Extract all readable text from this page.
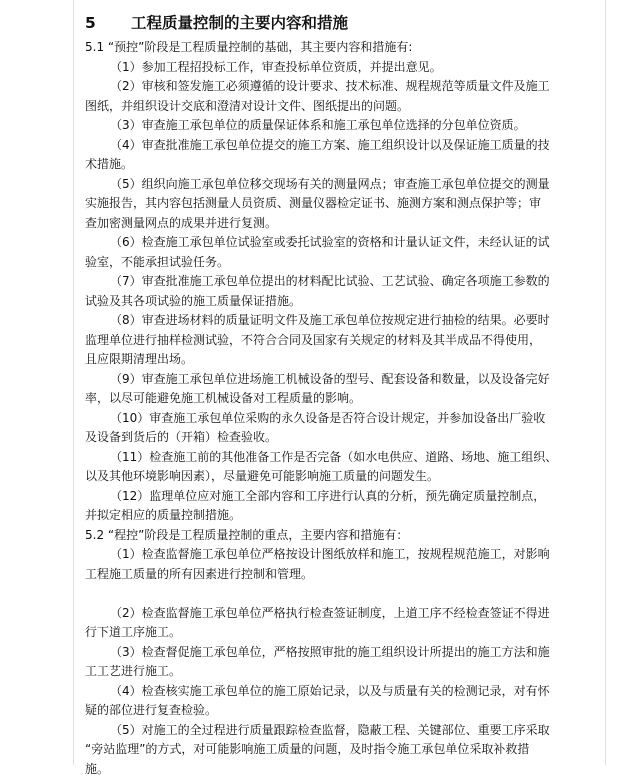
5 工程质量控制的主要内容和措施
5.1 “预控”阶段是工程质量控制的基础，其主要内容和措施有:
（1）参加工程招投标工作，审查投标单位资质，并提出意见。
（2）审核和签发施工必须遵循的设计要求、技术标准、规程规范等质量文件及施工
图纸，并组织设计交底和澄清对设计文件、图纸提出的问题。
（3）审查施工承包单位的质量保证体系和施工承包单位选择的分包单位资质。
（4）审查批准施工承包单位提交的施工方案、施工组织设计以及保证施工质量的技
术措施。
（5）组织向施工承包单位移交现场有关的测量网点；审查施工承包单位提交的测量
实施报告，其内容包括测量人员资质、测量仪器检定证书、施测方案和测点保护等；审
查加密测量网点的成果并进行复测。
（6）检查施工承包单位试验室或委托试验室的资格和计量认证文件，未经认证的试
验室，不能承担试验任务。
（7）审查批准施工承包单位提出的材料配比试验、工艺试验、确定各项施工参数的
试验及其各项试验的施工质量保证措施。
（8）审查进场材料的质量证明文件及施工承包单位按规定进行抽检的结果。必要时
监理单位进行抽样检测试验，不符合合同及国家有关规定的材料及其半成品不得使用，
且应限期清理出场。
（9）审查施工承包单位进场施工机械设备的型号、配套设备和数量，以及设备完好
率，以尽可能避免施工机械设备对工程质量的影响。
（10）审查施工承包单位采购的永久设备是否符合设计规定，并参加设备出厂验收
及设备到货后的（开箱）检查验收。
（11）检查施工前的其他准备工作是否完备（如水电供应、道路、场地、施工组织、
以及其他环境影响因素），尽量避免可能影响施工质量的问题发生。
（12）监理单位应对施工全部内容和工序进行认真的分析，预先确定质量控制点，
并拟定相应的质量控制措施。
5.2 “程控”阶段是工程质量控制的重点，主要内容和措施有：
（1）检查监督施工承包单位严格按设计图纸放样和施工，按规程规范施工，对影响
工程施工质量的所有因素进行控制和管理。
（2）检查监督施工承包单位严格执行检查签证制度，上道工序不经检查签证不得进
行下道工序施工。
（3）检查督促施工承包单位，严格按照审批的施工组织设计所提出的施工方法和施
工工艺进行施工。
（4）检查核实施工承包单位的施工原始记录，以及与质量有关的检测记录，对有怀
疑的部位进行复查检验。
（5）对施工的全过程进行质量跟踪检查监督，隐蔽工程、关键部位、重要工序采取
“旁站监理”的方式，对可能影响施工质量的问题，及时指令施工承包单位采取补救措
施。
